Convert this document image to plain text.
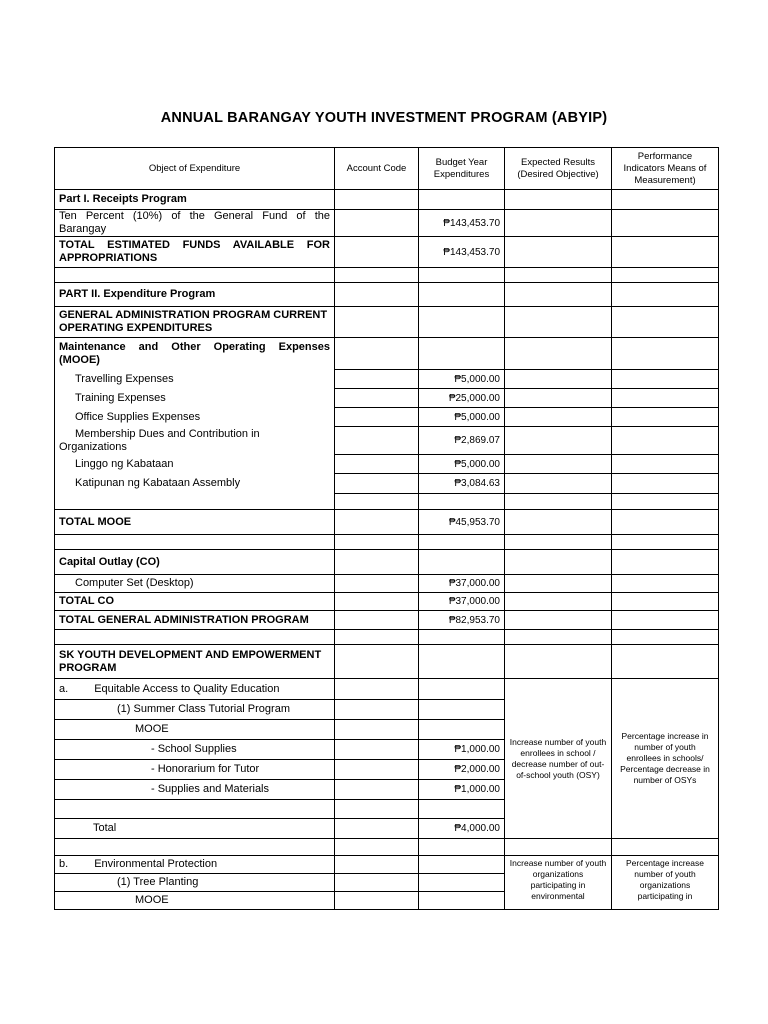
ANNUAL BARANGAY YOUTH INVESTMENT PROGRAM (ABYIP)
Object of Expenditure	Account Code	Budget Year Expenditures	Expected Results (Desired Objective)	Performance Indicators Means of Measurement)
Part I. Receipts Program				
Ten Percent (10%) of the General Fund of the Barangay		₱143,453.70		
TOTAL ESTIMATED FUNDS AVAILABLE FOR APPROPRIATIONS		₱143,453.70		

PART II. Expenditure Program				
GENERAL ADMINISTRATION PROGRAM CURRENT OPERATING EXPENDITURES				
Maintenance and Other Operating Expenses (MOOE)				
Travelling Expenses		₱5,000.00		
Training Expenses		₱25,000.00		
Office Supplies Expenses		₱5,000.00		
Membership Dues and Contribution in Organizations		₱2,869.07		
Linggo ng Kabataan		₱5,000.00		
Katipunan ng Kabataan Assembly		₱3,084.63		

TOTAL MOOE		₱45,953.70		

Capital Outlay (CO)				
Computer Set (Desktop)		₱37,000.00		
TOTAL CO		₱37,000.00		
TOTAL GENERAL ADMINISTRATION PROGRAM		₱82,953.70		

SK YOUTH DEVELOPMENT AND EMPOWERMENT PROGRAM				
a. Equitable Access to Quality Education			Increase number of youth enrollees in school / decrease number of out-of-school youth (OSY)	Percentage increase in number of youth enrollees in schools/ Percentage decrease in number of OSYs
(1) Summer Class Tutorial Program				
MOOE				
- School Supplies		₱1,000.00		
- Honorarium for Tutor		₱2,000.00		
- Supplies and Materials		₱1,000.00		

Total		₱4,000.00		

b. Environmental Protection			Increase number of youth organizations participating in environmental	Percentage increase number of youth organizations participating in
(1) Tree Planting				
MOOE				
